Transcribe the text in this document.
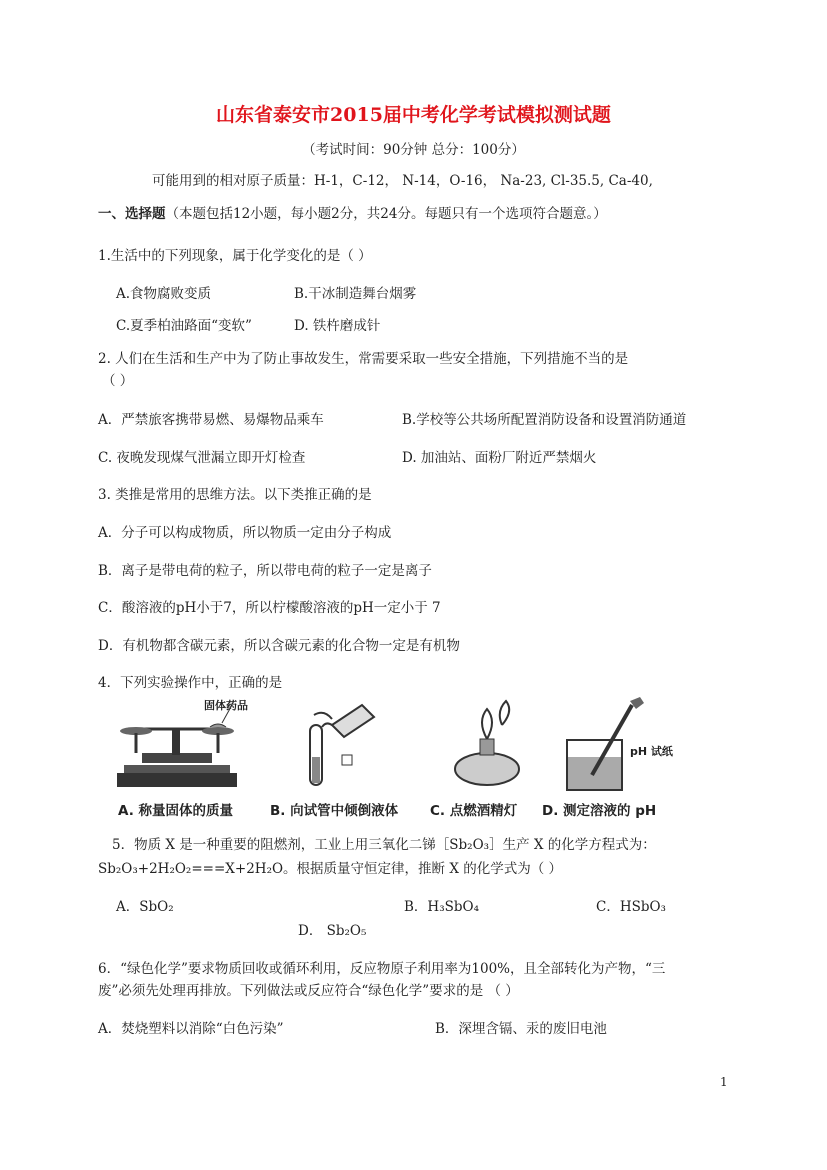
山东省泰安市2015届中考化学考试模拟测试题
（考试时间：90分钟 总分：100分）
可能用到的相对原子质量：H-1，C-12， N-14，O-16， Na-23, Cl-35.5, Ca-40,
一、选择题（本题包括12小题，每小题2分，共24分。每题只有一个选项符合题意。）
1.生活中的下列现象，属于化学变化的是（ ）
A.食物腐败变质	B.干冰制造舞台烟雾
C.夏季柏油路面“变软”	D. 铁杵磨成针
2. 人们在生活和生产中为了防止事故发生，常需要采取一些安全措施，下列措施不当的是
（ ）
A．严禁旅客携带易燃、易爆物品乘车	B.学校等公共场所配置消防设备和设置消防通道
C. 夜晚发现煤气泄漏立即开灯检查	D. 加油站、面粉厂附近严禁烟火
3. 类推是常用的思维方法。以下类推正确的是
A．分子可以构成物质，所以物质一定由分子构成
B．离子是带电荷的粒子，所以带电荷的粒子一定是离子
C．酸溶液的pH小于7，所以柠檬酸溶液的pH一定小于 7
D．有机物都含碳元素，所以含碳元素的化合物一定是有机物
4．下列实验操作中，正确的是
固体药品
pH 试纸
A. 称量固体的质量	B. 向试管中倾倒液体 C. 点燃酒精灯 D. 测定溶液的 pH
5．物质 X 是一种重要的阻燃剂，工业上用三氧化二锑［Sb₂O₃］生产 X 的化学方程式为：
Sb₂O₃+2H₂O₂===X+2H₂O。根据质量守恒定律，推断 X 的化学式为（ ）
A．SbO₂	B．H₃SbO₄	C．HSbO₃
D． Sb₂O₅
6．“绿色化学”要求物质回收或循环利用，反应物原子利用率为100%，且全部转化为产物，“三
废”必须先处理再排放。下列做法或反应符合“绿色化学”要求的是 （ ）
A．焚烧塑料以消除“白色污染”	B．深埋含镉、汞的废旧电池
1
